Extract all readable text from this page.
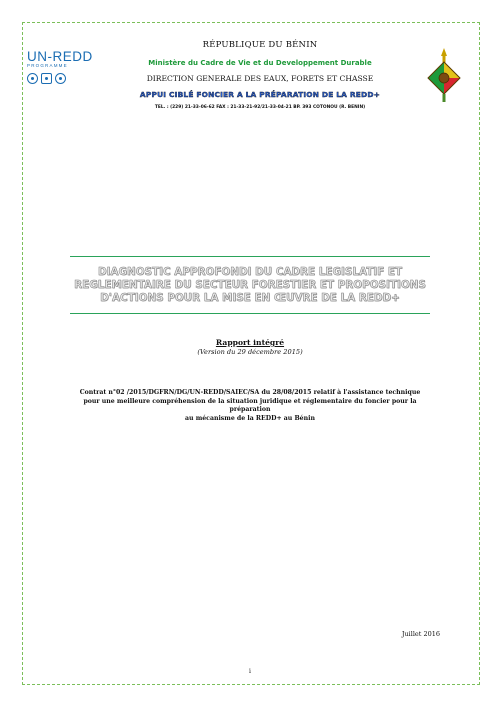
UN-REDD
PROGRAMME
RÉPUBLIQUE DU BÉNIN
Ministère du Cadre de Vie et du Developpement Durable
DIRECTION GENERALE DES EAUX, FORETS ET CHASSE
APPUI CIBLÉ FONCIER A LA PRÉPARATION DE LA REDD+
TEL. : (229) 21-33-06-62 FAX : 21-33-21-92/21-33-04-21 BP. 393 COTONOU (R. BENIN)
DIAGNOSTIC APPROFONDI DU CADRE LEGISLATIF ET
REGLEMENTAIRE DU SECTEUR FORESTIER ET PROPOSITIONS
D'ACTIONS POUR LA MISE EN ŒUVRE DE LA REDD+
Rapport intégré
(Version du 29 décembre 2015)
Contrat n°02 /2015/DGFRN/DG/UN-REDD/SAIEC/SA du 28/08/2015 relatif à l'assistance technique
pour une meilleure compréhension de la situation juridique et réglementaire du foncier pour la préparation
au mécanisme de la REDD+ au Bénin
Juillet 2016
i
